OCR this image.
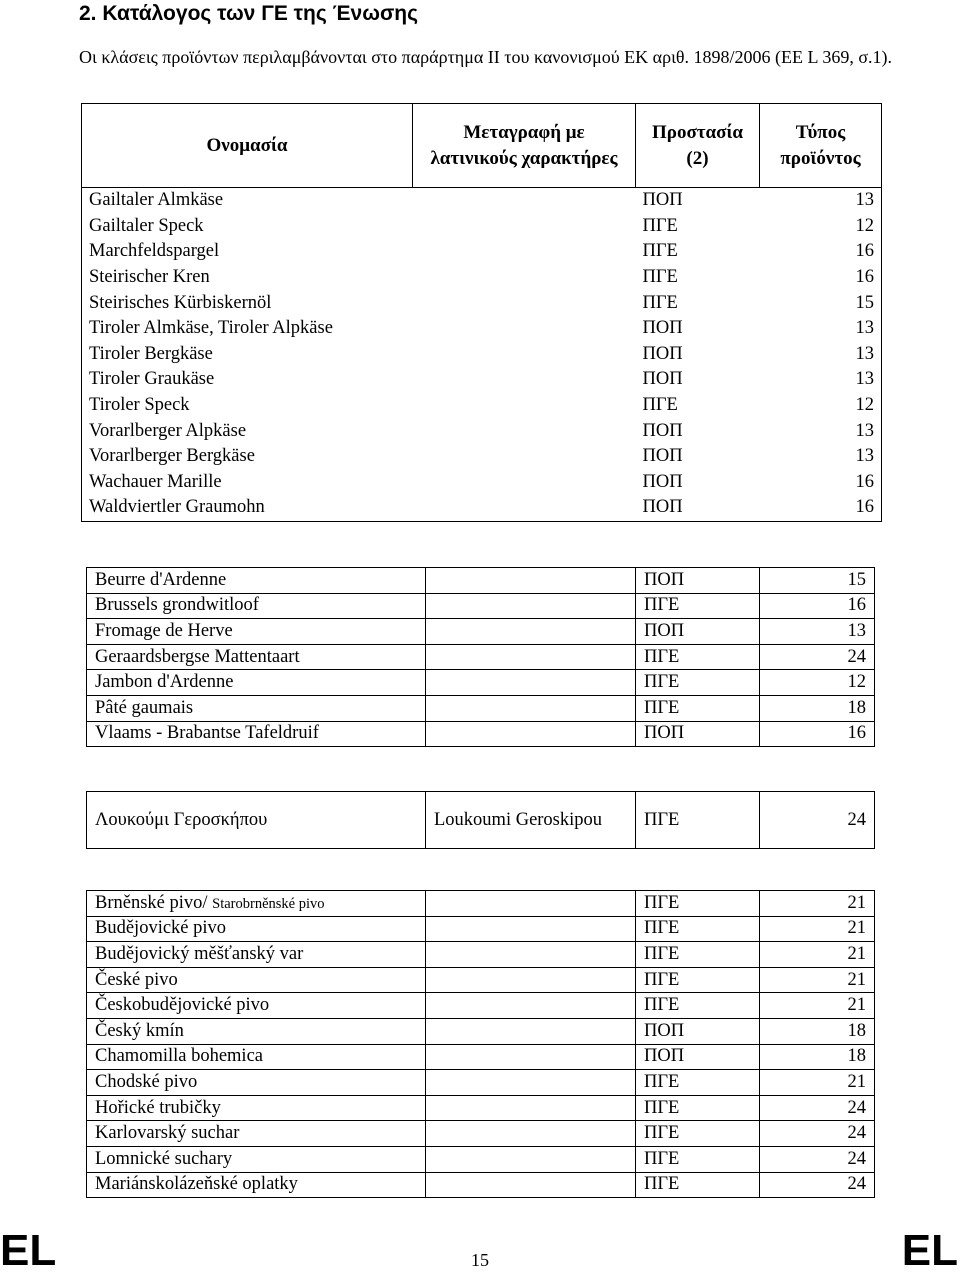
2. Κατάλογος των ΓΕ της Ένωσης

Οι κλάσεις προϊόντων περιλαμβάνονται στο παράρτημα II του κανονισμού ΕΚ αριθ. 1898/2006 (ΕΕ L 369, σ.1).

Ονομασία	Μεταγραφή με λατινικούς χαρακτήρες	Προστασία (2)	Τύπος προϊόντος
Gailtaler Almkäse		ΠΟΠ	13
Gailtaler Speck		ΠΓΕ	12
Marchfeldspargel		ΠΓΕ	16
Steirischer Kren		ΠΓΕ	16
Steirisches Kürbiskernöl		ΠΓΕ	15
Tiroler Almkäse, Tiroler Alpkäse		ΠΟΠ	13
Tiroler Bergkäse		ΠΟΠ	13
Tiroler Graukäse		ΠΟΠ	13
Tiroler Speck		ΠΓΕ	12
Vorarlberger Alpkäse		ΠΟΠ	13
Vorarlberger Bergkäse		ΠΟΠ	13
Wachauer Marille		ΠΟΠ	16
Waldviertler Graumohn		ΠΟΠ	16
Beurre d'Ardenne		ΠΟΠ	15
Brussels grondwitloof		ΠΓΕ	16
Fromage de Herve		ΠΟΠ	13
Geraardsbergse Mattentaart		ΠΓΕ	24
Jambon d'Ardenne		ΠΓΕ	12
Pâté gaumais		ΠΓΕ	18
Vlaams - Brabantse Tafeldruif		ΠΟΠ	16
Λουκούμι Γεροσκήπου	Loukoumi Geroskipou	ΠΓΕ	24
Brněnské pivo/ Starobrněnské pivo		ΠΓΕ	21
Budějovické pivo		ΠΓΕ	21
Budějovický měšťanský var		ΠΓΕ	21
České pivo		ΠΓΕ	21
Českobudějovické pivo		ΠΓΕ	21
Český kmín		ΠΟΠ	18
Chamomilla bohemica		ΠΟΠ	18
Chodské pivo		ΠΓΕ	21
Hořické trubičky		ΠΓΕ	24
Karlovarský suchar		ΠΓΕ	24
Lomnické suchary		ΠΓΕ	24
Mariánskolázeňské oplatky		ΠΓΕ	24
EL	15	EL
